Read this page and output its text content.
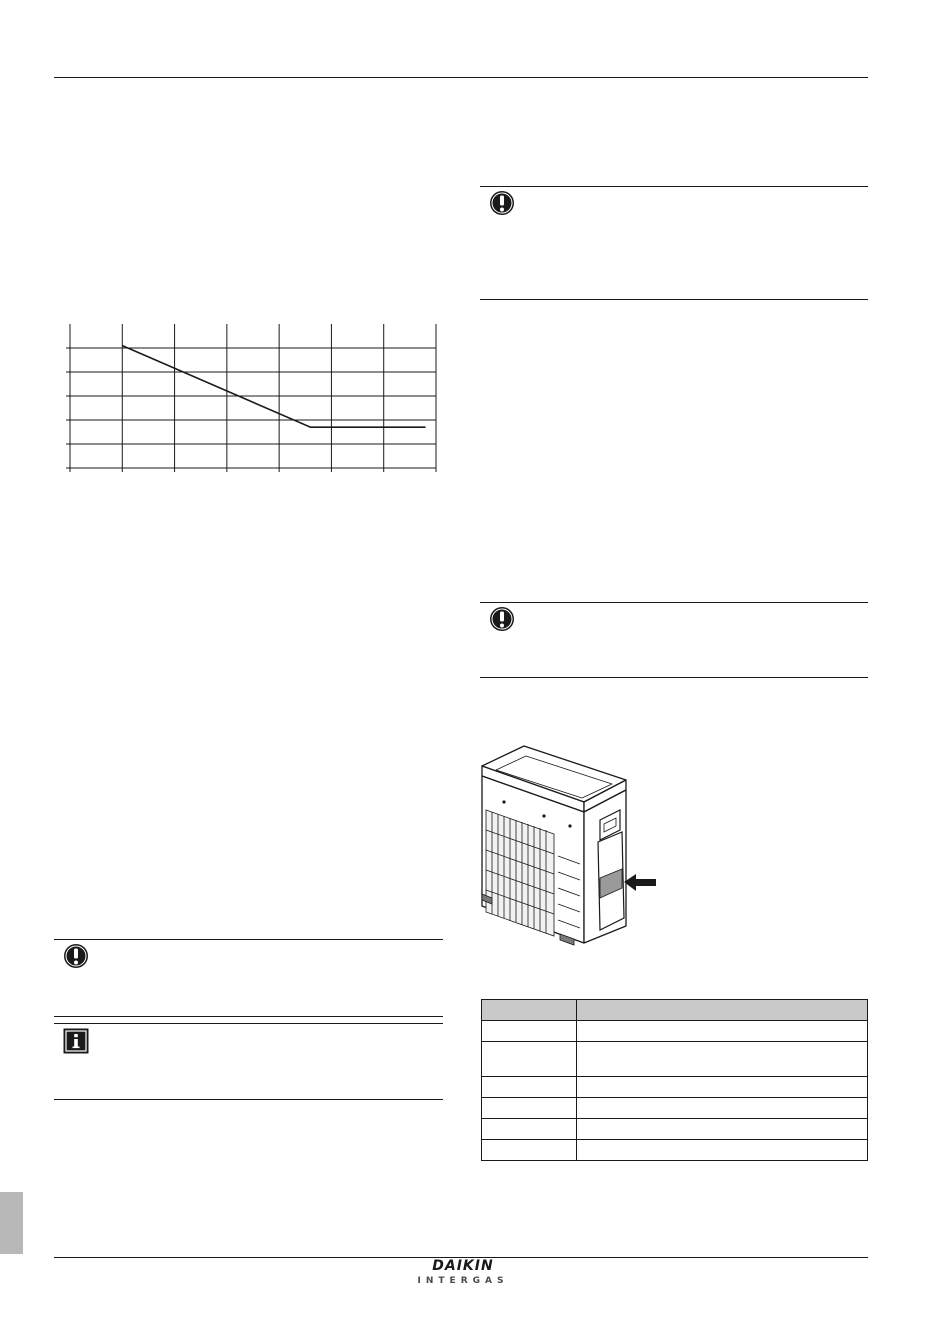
DAIKIN
INTERGAS
